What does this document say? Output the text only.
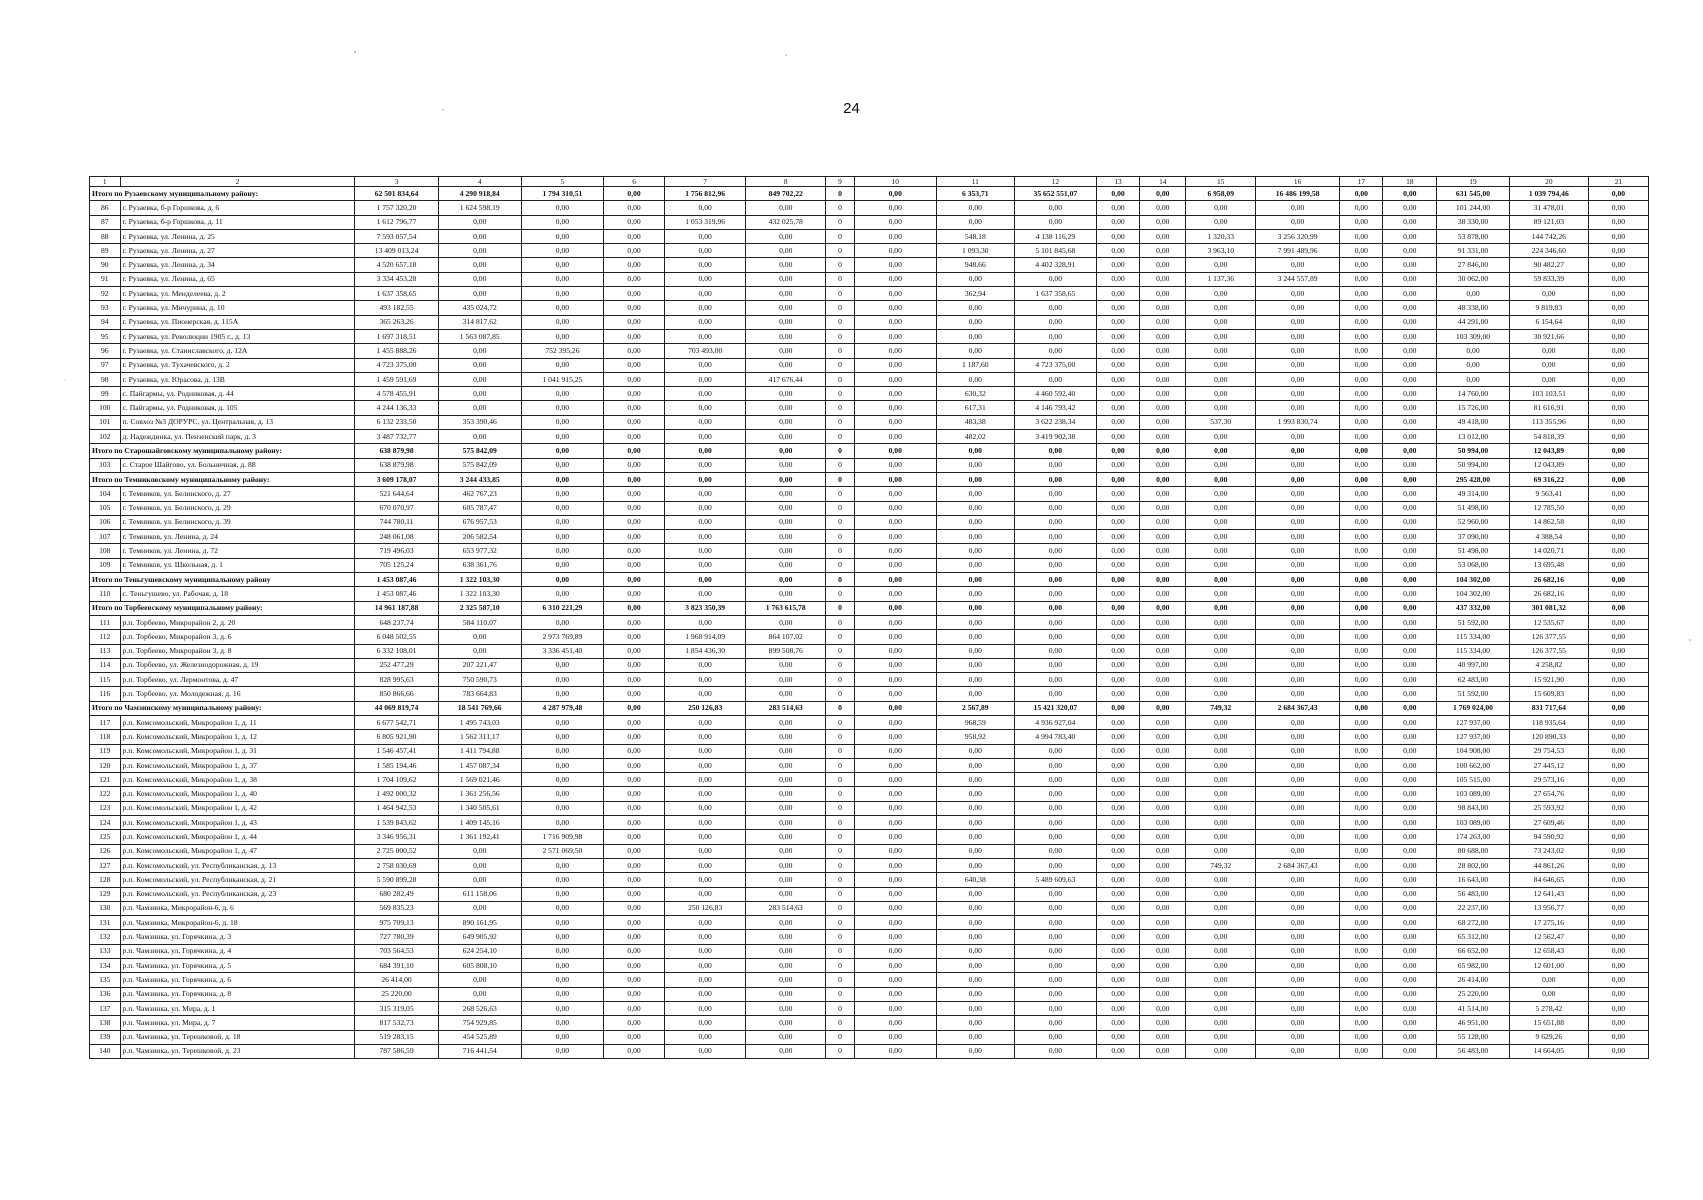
24
1	2	3	4	5	6	7	8	9	10	11	12	13	14	15	16	17	18	19	20	21
Итого по Рузаевскому муниципальному району:		62 501 834,64	4 290 918,84	1 794 310,51	0,00	1 756 812,96	849 702,22	0	0,00	6 353,71	35 652 551,07	0,00	0,00	6 958,09	16 486 199,58	0,00	0,00	631 545,00	1 039 794,46	0,00
86	г. Рузаевка, б-р Горшкова, д. 6	1 757 320,20	1 624 598,19	0,00	0,00	0,00	0,00	0	0,00	0,00	0,00	0,00	0,00	0,00	0,00	0,00	0,00	101 244,00	31 478,01	0,00
87	г. Рузаевка, б-р Горшкова, д. 11	1 612 796,77	0,00	0,00	0,00	1 053 319,96	432 025,78	0	0,00	0,00	0,00	0,00	0,00	0,00	0,00	0,00	0,00	38 330,00	89 121,03	0,00
88	г. Рузаевка, ул. Ленина, д. 25	7 593 057,54	0,00	0,00	0,00	0,00	0,00	0	0,00	548,18	4 138 116,29	0,00	0,00	1 320,33	3 256 320,99	0,00	0,00	53 878,00	144 742,26	0,00
89	г. Рузаевка, ул. Ленина, д. 27	13 409 013,24	0,00	0,00	0,00	0,00	0,00	0	0,00	1 093,30	5 101 845,68	0,00	0,00	3 963,10	7 991 489,96	0,00	0,00	91 331,00	224 346,60	0,00
90	г. Рузаевка, ул. Ленина, д. 34	4 520 657,18	0,00	0,00	0,00	0,00	0,00	0	0,00	948,66	4 402 328,91	0,00	0,00	0,00	0,00	0,00	0,00	27 846,00	90 482,27	0,00
91	г. Рузаевка, ул. Ленина, д. 65	3 334 453,28	0,00	0,00	0,00	0,00	0,00	0	0,00	0,00	0,00	0,00	0,00	1 137,36	3 244 557,89	0,00	0,00	30 062,00	59 833,39	0,00
92	г. Рузаевка, ул. Менделеева, д. 2	1 637 358,65	0,00	0,00	0,00	0,00	0,00	0	0,00	362,94	1 637 358,65	0,00	0,00	0,00	0,00	0,00	0,00	0,00	0,00	0,00
93	г. Рузаевка, ул. Мичурина, д. 10	493 182,55	435 024,72	0,00	0,00	0,00	0,00	0	0,00	0,00	0,00	0,00	0,00	0,00	0,00	0,00	0,00	48 338,00	9 819,83	0,00
94	г. Рузаевка, ул. Пионерская, д. 115А	365 263,26	314 817,62	0,00	0,00	0,00	0,00	0	0,00	0,00	0,00	0,00	0,00	0,00	0,00	0,00	0,00	44 291,00	6 154,64	0,00
95	г. Рузаевка, ул. Революции 1905 г., д. 13	1 697 318,51	1 563 087,85	0,00	0,00	0,00	0,00	0	0,00	0,00	0,00	0,00	0,00	0,00	0,00	0,00	0,00	103 309,00	30 921,66	0,00
96	г. Рузаевка, ул. Станиславского, д. 12А	1 455 888,26	0,00	752 395,26	0,00	703 493,00	0,00	0	0,00	0,00	0,00	0,00	0,00	0,00	0,00	0,00	0,00	0,00	0,00	0,00
97	г. Рузаевка, ул. Тухачевского, д. 2	4 723 375,00	0,00	0,00	0,00	0,00	0,00	0	0,00	1 187,60	4 723 375,00	0,00	0,00	0,00	0,00	0,00	0,00	0,00	0,00	0,00
98	г. Рузаевка, ул. Юрасова, д. 13В	1 459 591,69	0,00	1 041 915,25	0,00	0,00	417 676,44	0	0,00	0,00	0,00	0,00	0,00	0,00	0,00	0,00	0,00	0,00	0,00	0,00
99	с. Пайгармы, ул. Родниковая, д. 44	4 578 455,91	0,00	0,00	0,00	0,00	0,00	0	0,00	630,32	4 460 592,40	0,00	0,00	0,00	0,00	0,00	0,00	14 760,00	103 103,51	0,00
100	с. Пайгармы, ул. Родниковая, д. 105	4 244 136,33	0,00	0,00	0,00	0,00	0,00	0	0,00	617,31	4 146 793,42	0,00	0,00	0,00	0,00	0,00	0,00	15 726,00	81 616,91	0,00
101	п. Совхоз №3 ДОРУРС, ул. Центральная, д. 13	6 132 233,50	353 390,46	0,00	0,00	0,00	0,00	0	0,00	483,38	3 622 238,34	0,00	0,00	537,30	1 993 830,74	0,00	0,00	49 418,00	113 355,96	0,00
102	д. Надеждинка, ул. Пензенский парк, д. 3	3 487 732,77	0,00	0,00	0,00	0,00	0,00	0	0,00	482,02	3 419 902,38	0,00	0,00	0,00	0,00	0,00	0,00	13 012,00	54 818,39	0,00
Итого по Старошайговскому муниципальному району:		638 879,98	575 842,09	0,00	0,00	0,00	0,00	0	0,00	0,00	0,00	0,00	0,00	0,00	0,00	0,00	0,00	50 994,00	12 043,89	0,00
103	с. Старое Шайгово, ул. Больничная, д. 88	638 879,98	575 842,09	0,00	0,00	0,00	0,00	0	0,00	0,00	0,00	0,00	0,00	0,00	0,00	0,00	0,00	50 994,00	12 043,89	0,00
Итого по Темниковскому муниципальному району:		3 609 178,07	3 244 433,85	0,00	0,00	0,00	0,00	0	0,00	0,00	0,00	0,00	0,00	0,00	0,00	0,00	0,00	295 428,00	69 316,22	0,00
104	г. Темников, ул. Белинского, д. 27	521 644,64	462 767,23	0,00	0,00	0,00	0,00	0	0,00	0,00	0,00	0,00	0,00	0,00	0,00	0,00	0,00	49 314,00	9 563,41	0,00
105	г. Темников, ул. Белинского, д. 29	670 070,97	605 787,47	0,00	0,00	0,00	0,00	0	0,00	0,00	0,00	0,00	0,00	0,00	0,00	0,00	0,00	51 498,00	12 785,50	0,00
106	г. Темников, ул. Белинского, д. 39	744 780,11	676 957,53	0,00	0,00	0,00	0,00	0	0,00	0,00	0,00	0,00	0,00	0,00	0,00	0,00	0,00	52 960,00	14 862,58	0,00
107	г. Темников, ул. Ленина, д. 24	248 061,08	206 582,54	0,00	0,00	0,00	0,00	0	0,00	0,00	0,00	0,00	0,00	0,00	0,00	0,00	0,00	37 090,00	4 388,54	0,00
108	г. Темников, ул. Ленина, д. 72	719 496,03	653 977,32	0,00	0,00	0,00	0,00	0	0,00	0,00	0,00	0,00	0,00	0,00	0,00	0,00	0,00	51 498,00	14 020,71	0,00
109	г. Темников, ул. Школьная, д. 1	705 125,24	638 361,76	0,00	0,00	0,00	0,00	0	0,00	0,00	0,00	0,00	0,00	0,00	0,00	0,00	0,00	53 068,00	13 695,48	0,00
Итого по Теньгушевскому муниципальному району		1 453 087,46	1 322 103,30	0,00	0,00	0,00	0,00	0	0,00	0,00	0,00	0,00	0,00	0,00	0,00	0,00	0,00	104 302,00	26 682,16	0,00
110	с. Теньгушево, ул. Рабочая, д. 18	1 453 087,46	1 322 103,30	0,00	0,00	0,00	0,00	0	0,00	0,00	0,00	0,00	0,00	0,00	0,00	0,00	0,00	104 302,00	26 682,16	0,00
Итого по Торбеевскому муниципальному району:		14 961 187,88	2 325 587,10	6 310 221,29	0,00	3 823 350,39	1 763 615,78	0	0,00	0,00	0,00	0,00	0,00	0,00	0,00	0,00	0,00	437 332,00	301 081,32	0,00
111	р.п. Торбеево, Микрорайон 2, д. 20	648 237,74	584 110,07	0,00	0,00	0,00	0,00	0	0,00	0,00	0,00	0,00	0,00	0,00	0,00	0,00	0,00	51 592,00	12 535,67	0,00
112	р.п. Торбеево, Микрорайон 3, д. 6	6 048 502,55	0,00	2 973 769,89	0,00	1 968 914,09	864 107,02	0	0,00	0,00	0,00	0,00	0,00	0,00	0,00	0,00	0,00	115 334,00	126 377,55	0,00
113	р.п. Торбеево, Микрорайон 3, д. 8	6 332 108,01	0,00	3 336 451,40	0,00	1 854 436,30	899 508,76	0	0,00	0,00	0,00	0,00	0,00	0,00	0,00	0,00	0,00	115 334,00	126 377,55	0,00
114	р.п. Торбеево, ул. Железнодорожная, д. 19	252 477,29	207 221,47	0,00	0,00	0,00	0,00	0	0,00	0,00	0,00	0,00	0,00	0,00	0,00	0,00	0,00	40 997,00	4 258,82	0,00
115	р.п. Торбеево, ул. Лермонтова, д. 47	828 995,63	750 590,73	0,00	0,00	0,00	0,00	0	0,00	0,00	0,00	0,00	0,00	0,00	0,00	0,00	0,00	62 483,00	15 921,90	0,00
116	р.п. Торбеево, ул. Молодежная, д. 16	850 866,66	783 664,83	0,00	0,00	0,00	0,00	0	0,00	0,00	0,00	0,00	0,00	0,00	0,00	0,00	0,00	51 592,00	15 609,83	0,00
Итого по Чамзинскому муниципальному району:		44 069 819,74	18 541 769,66	4 287 979,48	0,00	250 126,83	283 514,63	0	0,00	2 567,89	15 421 320,07	0,00	0,00	749,32	2 684 367,43	0,00	0,00	1 769 024,00	831 717,64	0,00
117	р.п. Комсомольский, Микрорайон 1, д. 11	6 677 542,71	1 495 743,03	0,00	0,00	0,00	0,00	0	0,00	968,59	4 936 927,04	0,00	0,00	0,00	0,00	0,00	0,00	127 937,00	118 935,64	0,00
118	р.п. Комсомольский, Микрорайон 1, д. 12	6 805 921,90	1 562 311,17	0,00	0,00	0,00	0,00	0	0,00	958,92	4 994 783,40	0,00	0,00	0,00	0,00	0,00	0,00	127 937,00	120 890,33	0,00
119	р.п. Комсомольский, Микрорайон 1, д. 31	1 546 457,41	1 411 794,88	0,00	0,00	0,00	0,00	0	0,00	0,00	0,00	0,00	0,00	0,00	0,00	0,00	0,00	104 908,00	29 754,53	0,00
120	р.п. Комсомольский, Микрорайон 1, д. 37	1 585 194,46	1 457 087,34	0,00	0,00	0,00	0,00	0	0,00	0,00	0,00	0,00	0,00	0,00	0,00	0,00	0,00	100 662,00	27 445,12	0,00
121	р.п. Комсомольский, Микрорайон 1, д. 38	1 704 109,62	1 569 021,46	0,00	0,00	0,00	0,00	0	0,00	0,00	0,00	0,00	0,00	0,00	0,00	0,00	0,00	105 515,00	29 573,16	0,00
122	р.п. Комсомольский, Микрорайон 1, д. 40	1 492 000,32	1 361 256,56	0,00	0,00	0,00	0,00	0	0,00	0,00	0,00	0,00	0,00	0,00	0,00	0,00	0,00	103 089,00	27 654,76	0,00
123	р.п. Комсомольский, Микрорайон 1, д. 42	1 464 942,53	1 340 505,61	0,00	0,00	0,00	0,00	0	0,00	0,00	0,00	0,00	0,00	0,00	0,00	0,00	0,00	98 843,00	25 593,92	0,00
124	р.п. Комсомольский, Микрорайон 1, д. 43	1 539 843,62	1 409 145,16	0,00	0,00	0,00	0,00	0	0,00	0,00	0,00	0,00	0,00	0,00	0,00	0,00	0,00	103 089,00	27 609,46	0,00
125	р.п. Комсомольский, Микрорайон 1, д. 44	3 346 956,31	1 361 192,41	1 716 909,98	0,00	0,00	0,00	0	0,00	0,00	0,00	0,00	0,00	0,00	0,00	0,00	0,00	174 263,00	94 590,92	0,00
126	р.п. Комсомольский, Микрорайон 1, д. 47	2 725 000,52	0,00	2 571 069,50	0,00	0,00	0,00	0	0,00	0,00	0,00	0,00	0,00	0,00	0,00	0,00	0,00	80 688,00	73 243,02	0,00
127	р.п. Комсомольский, ул. Республиканская, д. 13	2 758 030,69	0,00	0,00	0,00	0,00	0,00	0	0,00	0,00	0,00	0,00	0,00	749,32	2 684 367,43	0,00	0,00	28 802,00	44 861,26	0,00
128	р.п. Комсомольский, ул. Республиканская, д. 21	5 590 899,28	0,00	0,00	0,00	0,00	0,00	0	0,00	640,38	5 489 609,63	0,00	0,00	0,00	0,00	0,00	0,00	16 643,00	84 646,65	0,00
129	р.п. Комсомольский, ул. Республиканская, д. 23	680 282,49	611 158,06	0,00	0,00	0,00	0,00	0	0,00	0,00	0,00	0,00	0,00	0,00	0,00	0,00	0,00	56 483,00	12 641,43	0,00
130	р.п. Чамзинка, Микрорайон-6, д. 6	569 835,23	0,00	0,00	0,00	250 126,83	283 514,63	0	0,00	0,00	0,00	0,00	0,00	0,00	0,00	0,00	0,00	22 237,00	13 956,77	0,00
131	р.п. Чамзинка, Микрорайон-6, д. 18	975 709,13	890 161,95	0,00	0,00	0,00	0,00	0	0,00	0,00	0,00	0,00	0,00	0,00	0,00	0,00	0,00	68 272,00	17 275,16	0,00
132	р.п. Чамзинка, ул. Горячкина, д. 3	727 780,39	649 905,92	0,00	0,00	0,00	0,00	0	0,00	0,00	0,00	0,00	0,00	0,00	0,00	0,00	0,00	65 312,00	12 562,47	0,00
133	р.п. Чамзинка, ул. Горячкина, д. 4	703 564,53	624 254,10	0,00	0,00	0,00	0,00	0	0,00	0,00	0,00	0,00	0,00	0,00	0,00	0,00	0,00	66 652,00	12 658,43	0,00
134	р.п. Чамзинка, ул. Горячкина, д. 5	684 391,10	605 808,10	0,00	0,00	0,00	0,00	0	0,00	0,00	0,00	0,00	0,00	0,00	0,00	0,00	0,00	65 982,00	12 601,00	0,00
135	р.п. Чамзинка, ул. Горячкина, д. 6	26 414,00	0,00	0,00	0,00	0,00	0,00	0	0,00	0,00	0,00	0,00	0,00	0,00	0,00	0,00	0,00	26 414,00	0,00	0,00
136	р.п. Чамзинка, ул. Горячкина, д. 8	25 220,00	0,00	0,00	0,00	0,00	0,00	0	0,00	0,00	0,00	0,00	0,00	0,00	0,00	0,00	0,00	25 220,00	0,00	0,00
137	р.п. Чамзинка, ул. Мира, д. 1	315 319,05	268 526,63	0,00	0,00	0,00	0,00	0	0,00	0,00	0,00	0,00	0,00	0,00	0,00	0,00	0,00	41 514,00	5 278,42	0,00
138	р.п. Чамзинка, ул. Мира, д. 7	817 532,73	754 929,85	0,00	0,00	0,00	0,00	0	0,00	0,00	0,00	0,00	0,00	0,00	0,00	0,00	0,00	46 951,00	15 651,88	0,00
139	р.п. Чамзинка, ул. Терешковой, д. 18	519 283,15	454 525,89	0,00	0,00	0,00	0,00	0	0,00	0,00	0,00	0,00	0,00	0,00	0,00	0,00	0,00	55 128,00	9 629,26	0,00
140	р.п. Чамзинка, ул. Терешковой, д. 23	787 586,59	716 441,54	0,00	0,00	0,00	0,00	0	0,00	0,00	0,00	0,00	0,00	0,00	0,00	0,00	0,00	56 483,00	14 664,05	0,00
